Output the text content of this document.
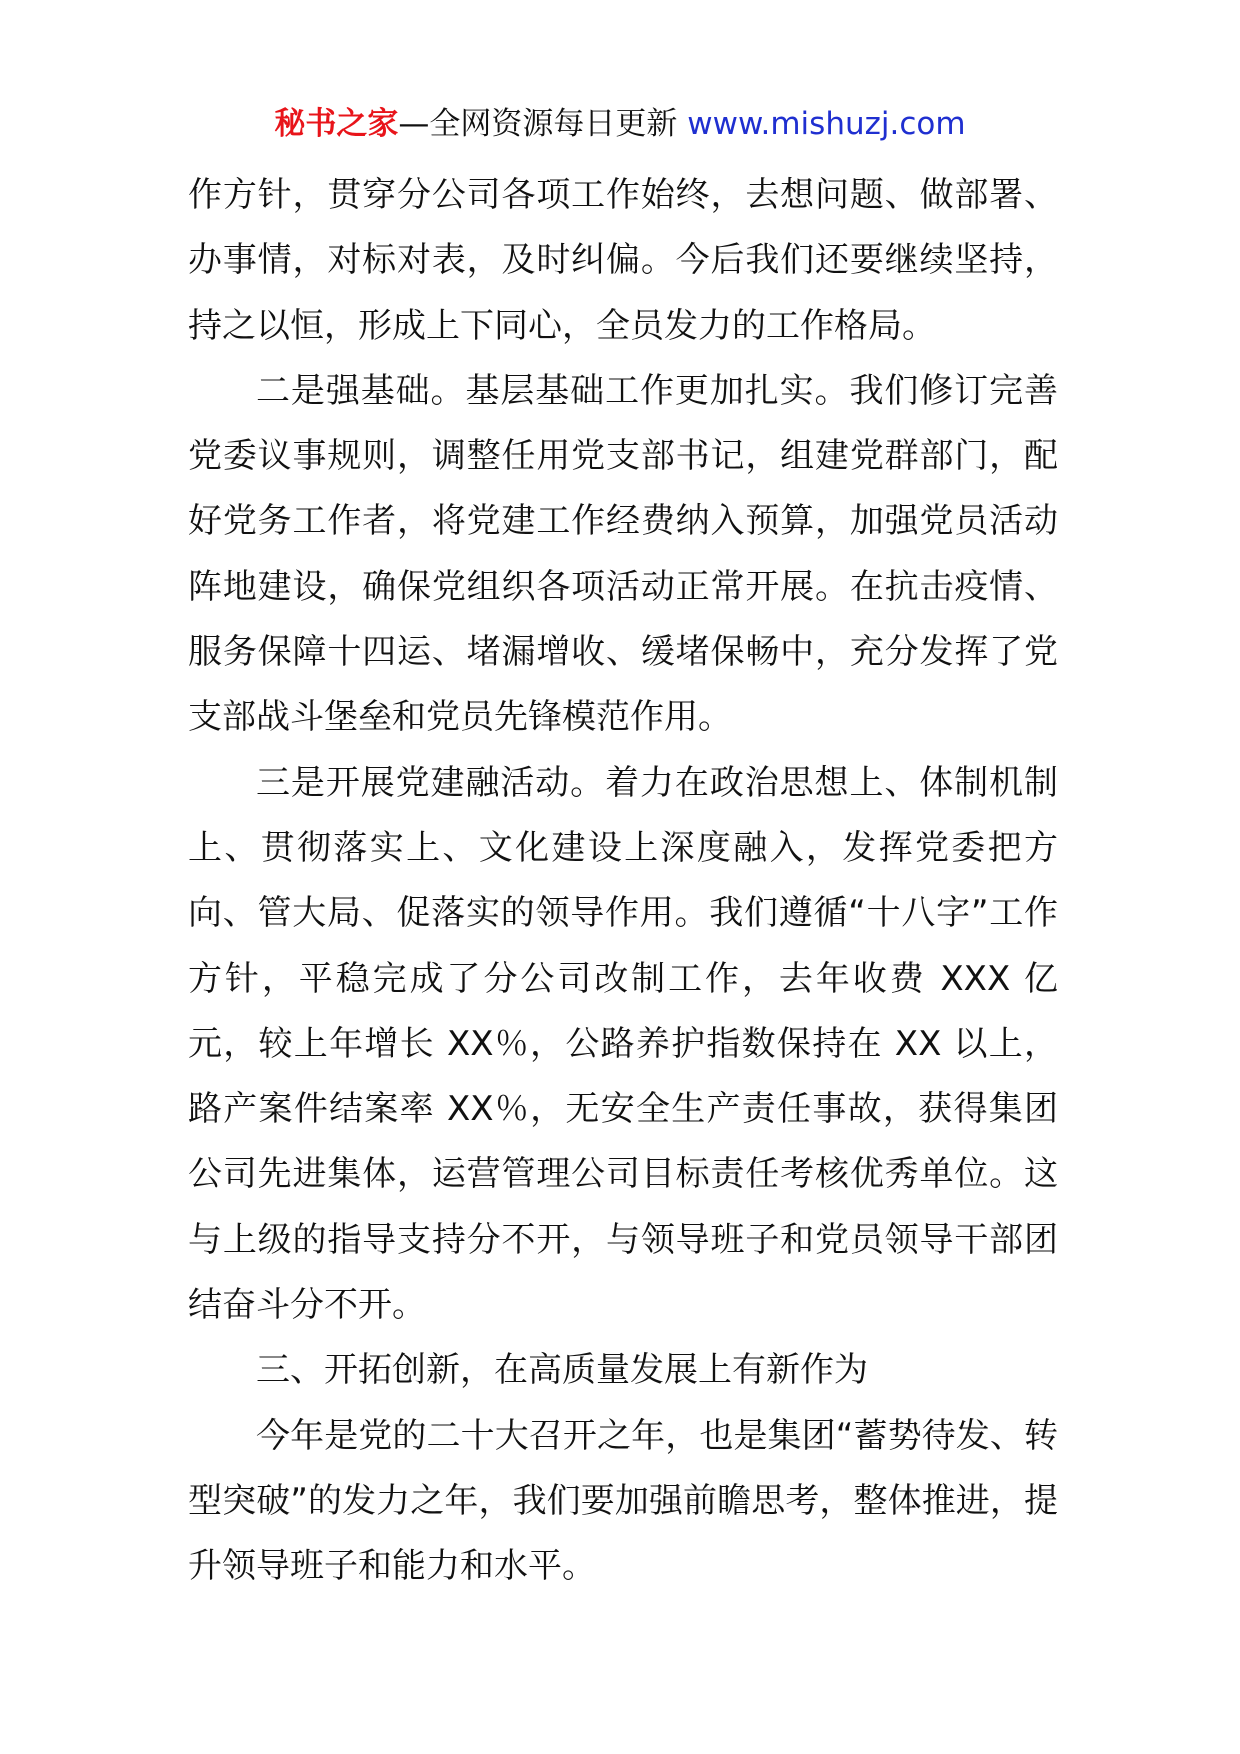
秘书之家—全网资源每日更新 www.mishuzj.com

作方针，贯穿分公司各项工作始终，去想问题、做部署、办事情，对标对表，及时纠偏。今后我们还要继续坚持，持之以恒，形成上下同心，全员发力的工作格局。

二是强基础。基层基础工作更加扎实。我们修订完善党委议事规则，调整任用党支部书记，组建党群部门，配好党务工作者，将党建工作经费纳入预算，加强党员活动阵地建设，确保党组织各项活动正常开展。在抗击疫情、服务保障十四运、堵漏增收、缓堵保畅中，充分发挥了党支部战斗堡垒和党员先锋模范作用。

三是开展党建融活动。着力在政治思想上、体制机制上、贯彻落实上、文化建设上深度融入，发挥党委把方向、管大局、促落实的领导作用。我们遵循“十八字”工作方针，平稳完成了分公司改制工作，去年收费 XXX 亿元，较上年增长 XX％，公路养护指数保持在 XX 以上，路产案件结案率 XX％，无安全生产责任事故，获得集团公司先进集体，运营管理公司目标责任考核优秀单位。这与上级的指导支持分不开，与领导班子和党员领导干部团结奋斗分不开。

三、开拓创新，在高质量发展上有新作为

今年是党的二十大召开之年，也是集团“蓄势待发、转型突破”的发力之年，我们要加强前瞻思考，整体推进，提升领导班子和能力和水平。
